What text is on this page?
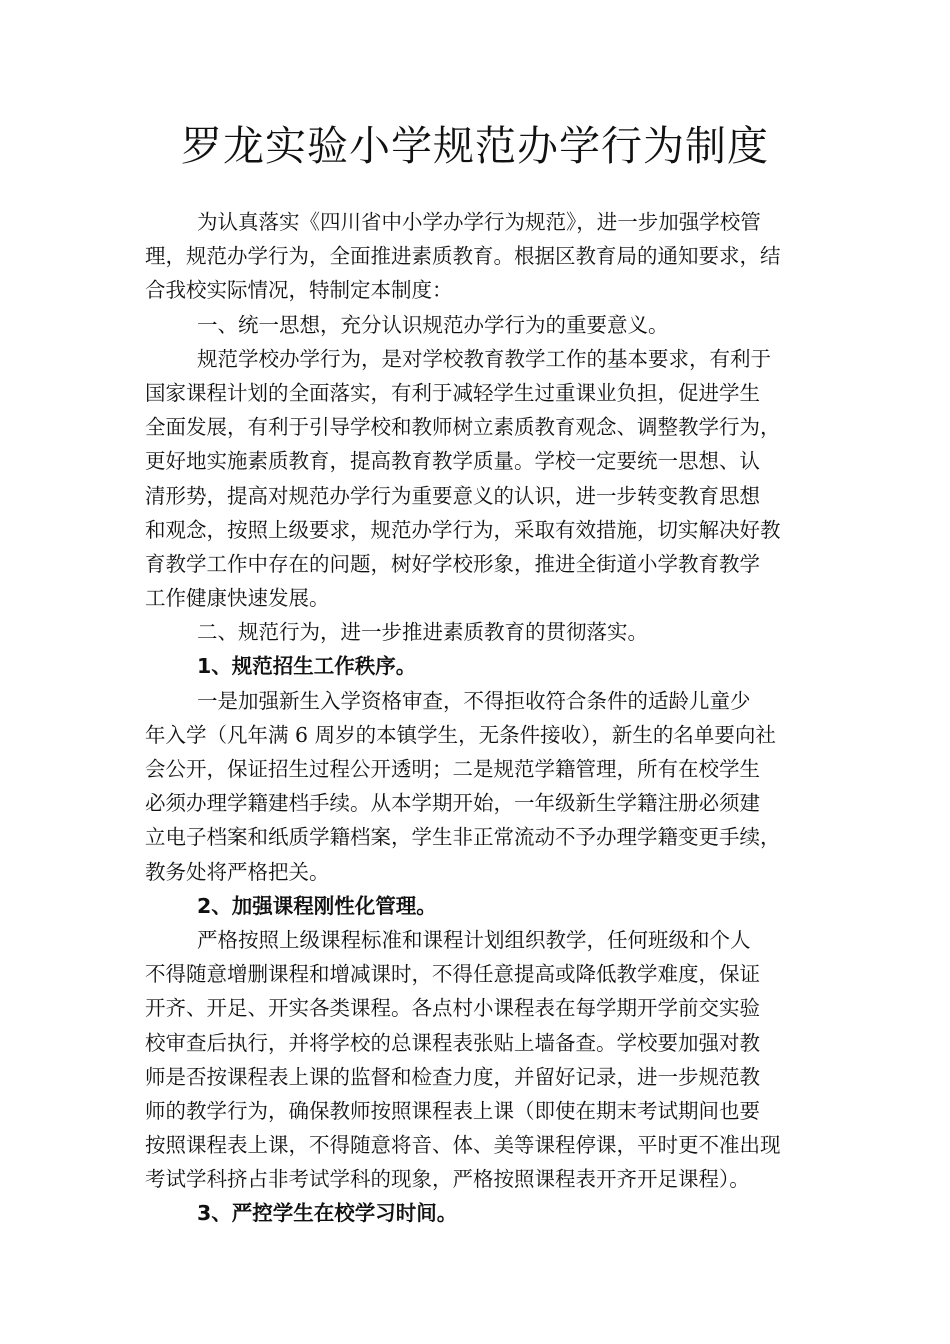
罗龙实验小学规范办学行为制度
为认真落实《四川省中小学办学行为规范》，进一步加强学校管
理，规范办学行为，全面推进素质教育。根据区教育局的通知要求，结
合我校实际情况，特制定本制度：
一、统一思想，充分认识规范办学行为的重要意义。
规范学校办学行为，是对学校教育教学工作的基本要求，有利于
国家课程计划的全面落实，有利于减轻学生过重课业负担，促进学生
全面发展，有利于引导学校和教师树立素质教育观念、调整教学行为，
更好地实施素质教育，提高教育教学质量。学校一定要统一思想、认
清形势，提高对规范办学行为重要意义的认识，进一步转变教育思想
和观念，按照上级要求，规范办学行为，采取有效措施，切实解决好教
育教学工作中存在的问题，树好学校形象，推进全街道小学教育教学
工作健康快速发展。
二、规范行为，进一步推进素质教育的贯彻落实。
1、规范招生工作秩序。
一是加强新生入学资格审查，不得拒收符合条件的适龄儿童少
年入学（凡年满 6 周岁的本镇学生，无条件接收），新生的名单要向社
会公开，保证招生过程公开透明；二是规范学籍管理，所有在校学生
必须办理学籍建档手续。从本学期开始，一年级新生学籍注册必须建
立电子档案和纸质学籍档案，学生非正常流动不予办理学籍变更手续，
教务处将严格把关。
2、加强课程刚性化管理。
严格按照上级课程标准和课程计划组织教学，任何班级和个人
不得随意增删课程和增减课时，不得任意提高或降低教学难度，保证
开齐、开足、开实各类课程。各点村小课程表在每学期开学前交实验
校审查后执行，并将学校的总课程表张贴上墙备查。学校要加强对教
师是否按课程表上课的监督和检查力度，并留好记录，进一步规范教
师的教学行为，确保教师按照课程表上课（即使在期末考试期间也要
按照课程表上课，不得随意将音、体、美等课程停课，平时更不准出现
考试学科挤占非考试学科的现象，严格按照课程表开齐开足课程）。
3、严控学生在校学习时间。
